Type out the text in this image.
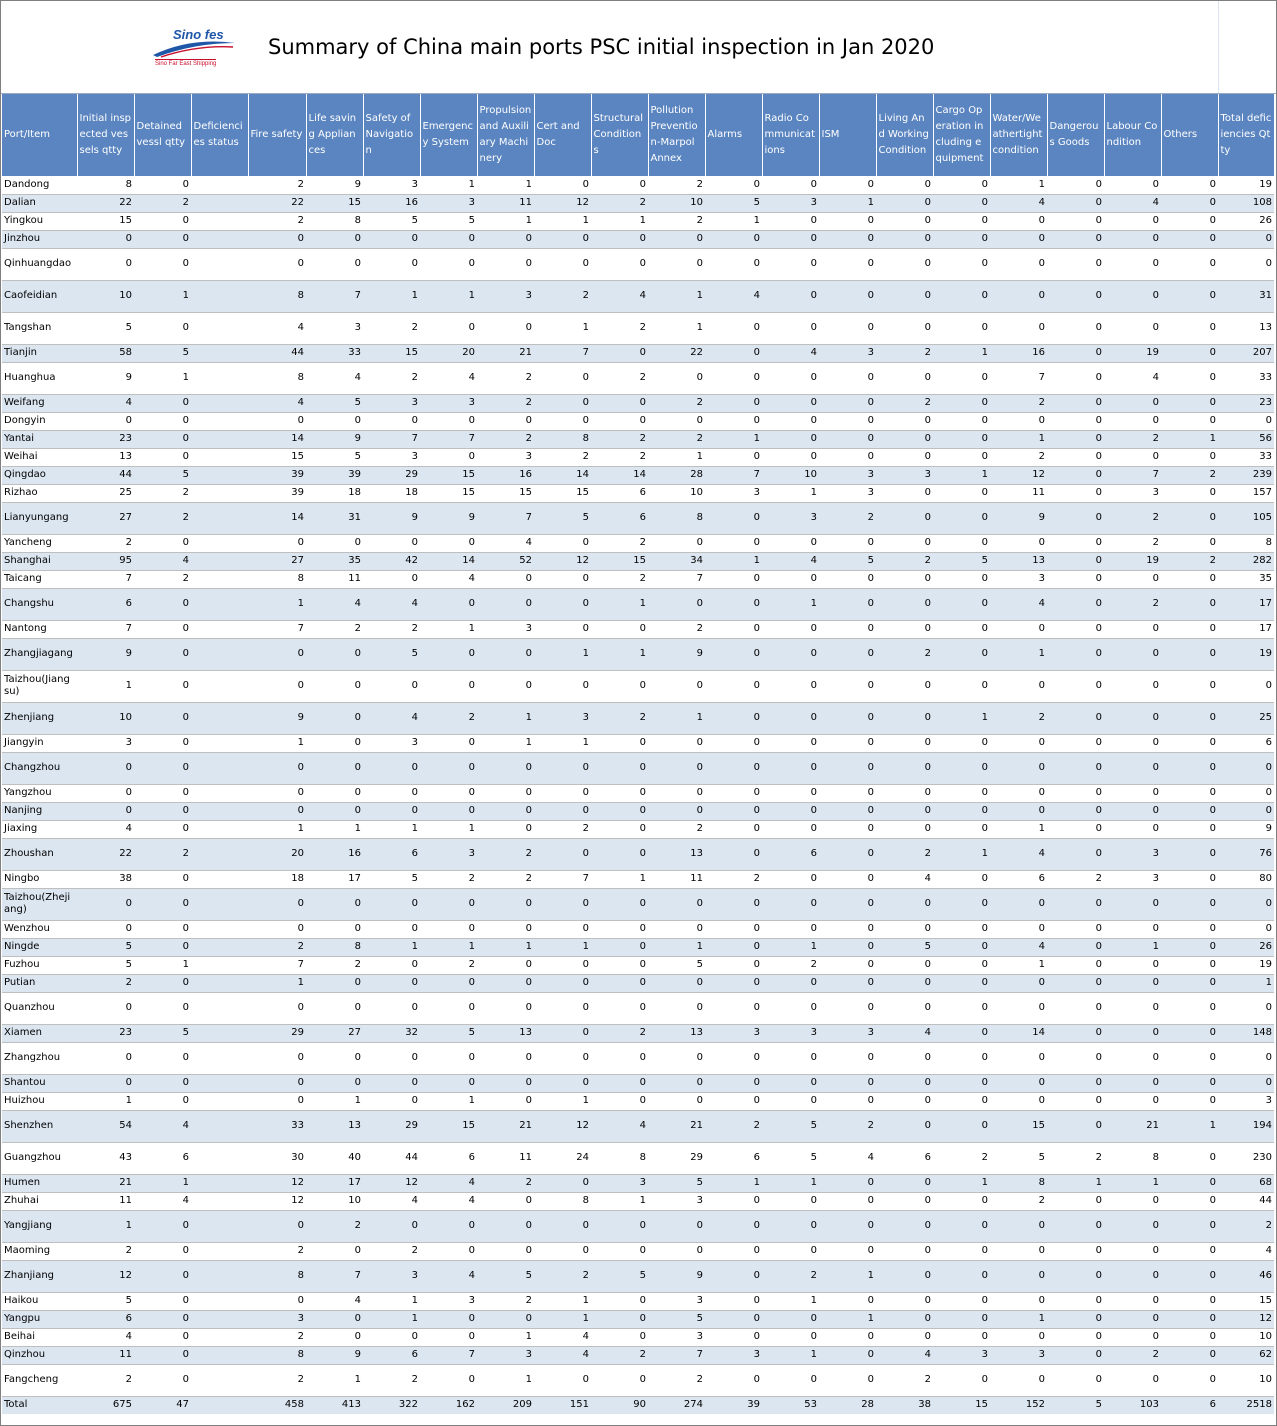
Sino fes
Sino Far East Shipping
Summary of China main ports PSC initial inspection in Jan 2020
Port/Item	Initial inspected vessels qtty	Detained vessl qtty	Deficiencies status	Fire safety	Life saving Appliances	Safety of Navigation	Emergency System	Propulsion and Auxiliary Machinery	Cert and Doc	Structural Conditions	Pollution Prevention-Marpol Annex	Alarms	Radio Communications	ISM	Living And Working Condition	Cargo Operation including equipment	Water/Weathertight condition	Dangerous Goods	Labour Condition	Others	Total deficiencies Qtty
Dandong	8	0		2	9	3	1	1	0	0	2	0	0	0	0	0	1	0	0	0	19
Dalian	22	2		22	15	16	3	11	12	2	10	5	3	1	0	0	4	0	4	0	108
Yingkou	15	0		2	8	5	5	1	1	1	2	1	0	0	0	0	0	0	0	0	26
Jinzhou	0	0		0	0	0	0	0	0	0	0	0	0	0	0	0	0	0	0	0	0
Qinhuangdao	0	0		0	0	0	0	0	0	0	0	0	0	0	0	0	0	0	0	0	0
Caofeidian	10	1		8	7	1	1	3	2	4	1	4	0	0	0	0	0	0	0	0	31
Tangshan	5	0		4	3	2	0	0	1	2	1	0	0	0	0	0	0	0	0	0	13
Tianjin	58	5		44	33	15	20	21	7	0	22	0	4	3	2	1	16	0	19	0	207
Huanghua	9	1		8	4	2	4	2	0	2	0	0	0	0	0	0	7	0	4	0	33
Weifang	4	0		4	5	3	3	2	0	0	2	0	0	0	2	0	2	0	0	0	23
Dongyin	0	0		0	0	0	0	0	0	0	0	0	0	0	0	0	0	0	0	0	0
Yantai	23	0		14	9	7	7	2	8	2	2	1	0	0	0	0	1	0	2	1	56
Weihai	13	0		15	5	3	0	3	2	2	1	0	0	0	0	0	2	0	0	0	33
Qingdao	44	5		39	39	29	15	16	14	14	28	7	10	3	3	1	12	0	7	2	239
Rizhao	25	2		39	18	18	15	15	15	6	10	3	1	3	0	0	11	0	3	0	157
Lianyungang	27	2		14	31	9	9	7	5	6	8	0	3	2	0	0	9	0	2	0	105
Yancheng	2	0		0	0	0	0	4	0	2	0	0	0	0	0	0	0	0	2	0	8
Shanghai	95	4		27	35	42	14	52	12	15	34	1	4	5	2	5	13	0	19	2	282
Taicang	7	2		8	11	0	4	0	0	2	7	0	0	0	0	0	3	0	0	0	35
Changshu	6	0		1	4	4	0	0	0	1	0	0	1	0	0	0	4	0	2	0	17
Nantong	7	0		7	2	2	1	3	0	0	2	0	0	0	0	0	0	0	0	0	17
Zhangjiagang	9	0		0	0	5	0	0	1	1	9	0	0	0	2	0	1	0	0	0	19
Taizhou(Jiangsu)	1	0		0	0	0	0	0	0	0	0	0	0	0	0	0	0	0	0	0	0
Zhenjiang	10	0		9	0	4	2	1	3	2	1	0	0	0	0	1	2	0	0	0	25
Jiangyin	3	0		1	0	3	0	1	1	0	0	0	0	0	0	0	0	0	0	0	6
Changzhou	0	0		0	0	0	0	0	0	0	0	0	0	0	0	0	0	0	0	0	0
Yangzhou	0	0		0	0	0	0	0	0	0	0	0	0	0	0	0	0	0	0	0	0
Nanjing	0	0		0	0	0	0	0	0	0	0	0	0	0	0	0	0	0	0	0	0
Jiaxing	4	0		1	1	1	1	0	2	0	2	0	0	0	0	0	1	0	0	0	9
Zhoushan	22	2		20	16	6	3	2	0	0	13	0	6	0	2	1	4	0	3	0	76
Ningbo	38	0		18	17	5	2	2	7	1	11	2	0	0	4	0	6	2	3	0	80
Taizhou(Zhejiang)	0	0		0	0	0	0	0	0	0	0	0	0	0	0	0	0	0	0	0	0
Wenzhou	0	0		0	0	0	0	0	0	0	0	0	0	0	0	0	0	0	0	0	0
Ningde	5	0		2	8	1	1	1	1	0	1	0	1	0	5	0	4	0	1	0	26
Fuzhou	5	1		7	2	0	2	0	0	0	5	0	2	0	0	0	1	0	0	0	19
Putian	2	0		1	0	0	0	0	0	0	0	0	0	0	0	0	0	0	0	0	1
Quanzhou	0	0		0	0	0	0	0	0	0	0	0	0	0	0	0	0	0	0	0	0
Xiamen	23	5		29	27	32	5	13	0	2	13	3	3	3	4	0	14	0	0	0	148
Zhangzhou	0	0		0	0	0	0	0	0	0	0	0	0	0	0	0	0	0	0	0	0
Shantou	0	0		0	0	0	0	0	0	0	0	0	0	0	0	0	0	0	0	0	0
Huizhou	1	0		0	1	0	1	0	1	0	0	0	0	0	0	0	0	0	0	0	3
Shenzhen	54	4		33	13	29	15	21	12	4	21	2	5	2	0	0	15	0	21	1	194
Guangzhou	43	6		30	40	44	6	11	24	8	29	6	5	4	6	2	5	2	8	0	230
Humen	21	1		12	17	12	4	2	0	3	5	1	1	0	0	1	8	1	1	0	68
Zhuhai	11	4		12	10	4	4	0	8	1	3	0	0	0	0	0	2	0	0	0	44
Yangjiang	1	0		0	2	0	0	0	0	0	0	0	0	0	0	0	0	0	0	0	2
Maoming	2	0		2	0	2	0	0	0	0	0	0	0	0	0	0	0	0	0	0	4
Zhanjiang	12	0		8	7	3	4	5	2	5	9	0	2	1	0	0	0	0	0	0	46
Haikou	5	0		0	4	1	3	2	1	0	3	0	1	0	0	0	0	0	0	0	15
Yangpu	6	0		3	0	1	0	0	1	0	5	0	0	1	0	0	1	0	0	0	12
Beihai	4	0		2	0	0	0	1	4	0	3	0	0	0	0	0	0	0	0	0	10
Qinzhou	11	0		8	9	6	7	3	4	2	7	3	1	0	4	3	3	0	2	0	62
Fangcheng	2	0		2	1	2	0	1	0	0	2	0	0	0	2	0	0	0	0	0	10
Total	675	47		458	413	322	162	209	151	90	274	39	53	28	38	15	152	5	103	6	2518
